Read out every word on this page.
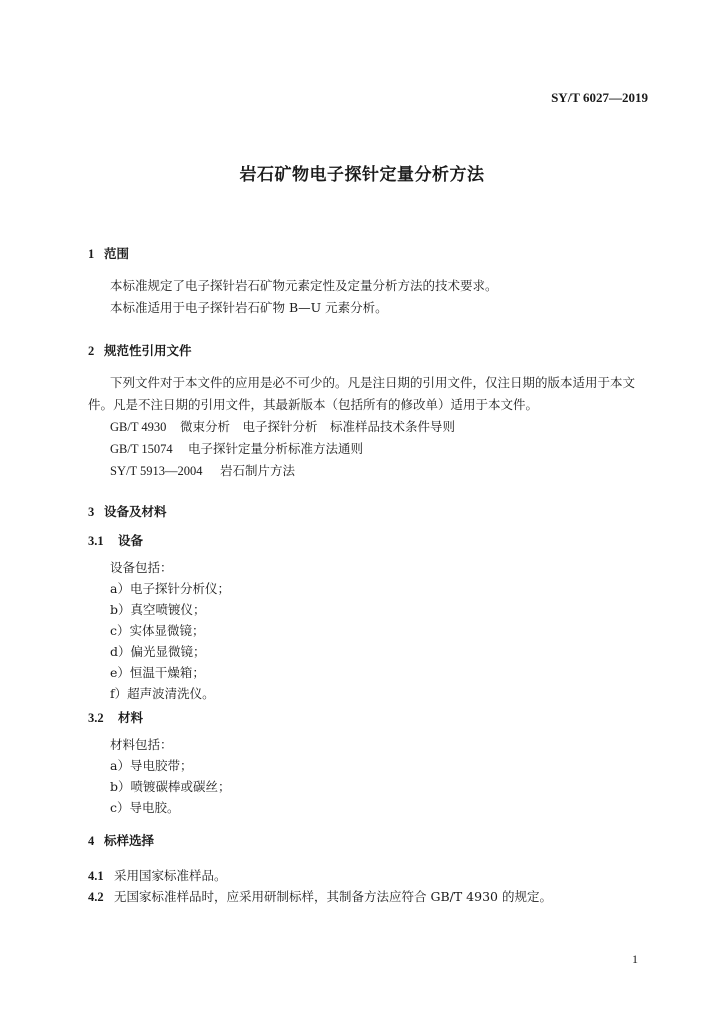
SY/T 6027—2019
岩石矿物电子探针定量分析方法
1 范围
本标准规定了电子探针岩石矿物元素定性及定量分析方法的技术要求。
本标准适用于电子探针岩石矿物 B—U 元素分析。
2 规范性引用文件
下列文件对于本文件的应用是必不可少的。凡是注日期的引用文件，仅注日期的版本适用于本文
件。凡是不注日期的引用文件，其最新版本（包括所有的修改单）适用于本文件。
GB/T 4930 微束分析　电子探针分析　标准样品技术条件导则
GB/T 15074 电子探针定量分析标准方法通则
SY/T 5913—2004 岩石制片方法
3 设备及材料
3.1 设备
设备包括：
a）电子探针分析仪；
b）真空喷镀仪；
c）实体显微镜；
d）偏光显微镜；
e）恒温干燥箱；
f）超声波清洗仪。
3.2 材料
材料包括：
a）导电胶带；
b）喷镀碳棒或碳丝；
c）导电胶。
4 标样选择
4.1 采用国家标准样品。
4.2 无国家标准样品时，应采用研制标样，其制备方法应符合 GB/T 4930 的规定。
1
